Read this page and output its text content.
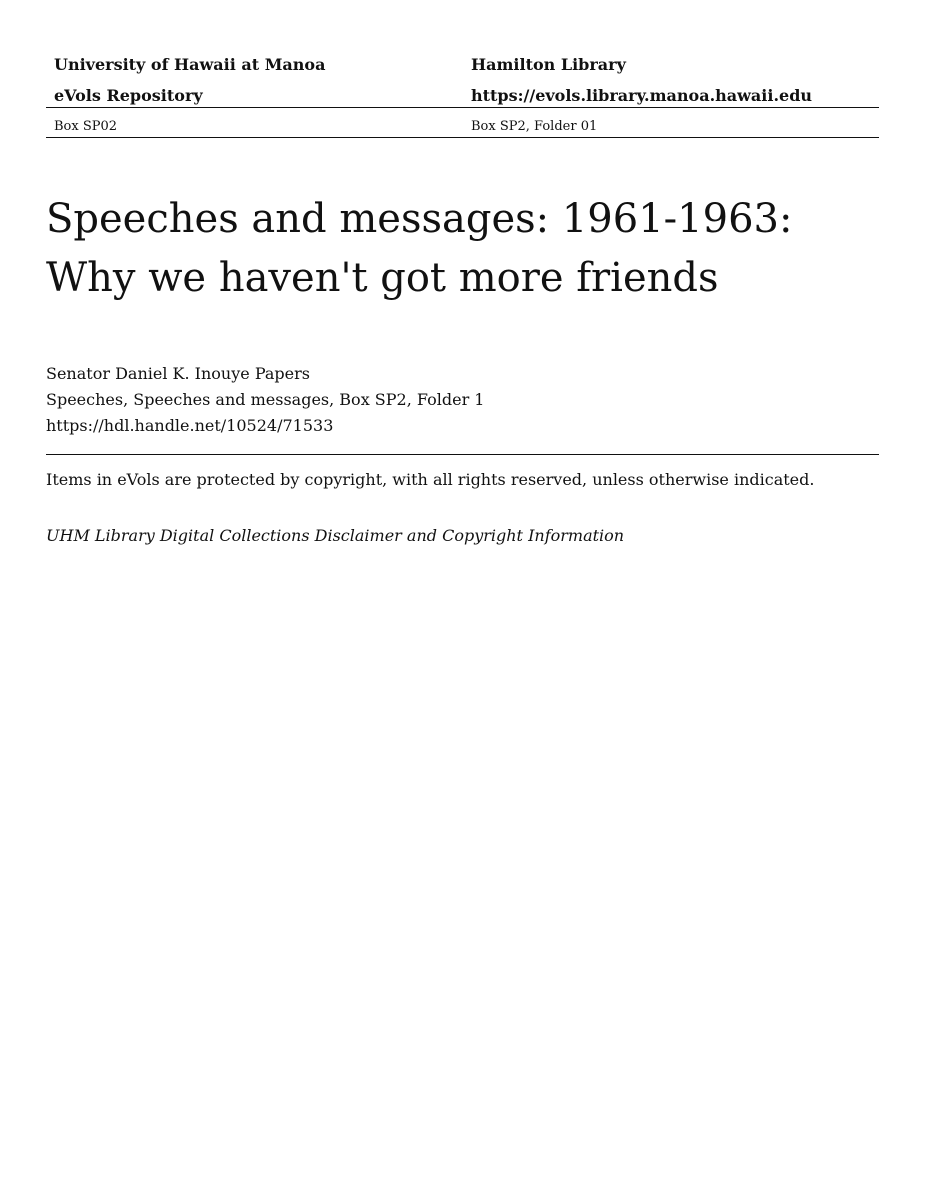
University of Hawaii at Manoa	Hamilton Library
eVols Repository	https://evols.library.manoa.hawaii.edu
Box SP02	Box SP2, Folder 01
Speeches and messages: 1961-1963:
Why we haven't got more friends
Senator Daniel K. Inouye Papers
Speeches, Speeches and messages, Box SP2, Folder 1
https://hdl.handle.net/10524/71533
Items in eVols are protected by copyright, with all rights reserved, unless otherwise indicated.
UHM Library Digital Collections Disclaimer and Copyright Information
